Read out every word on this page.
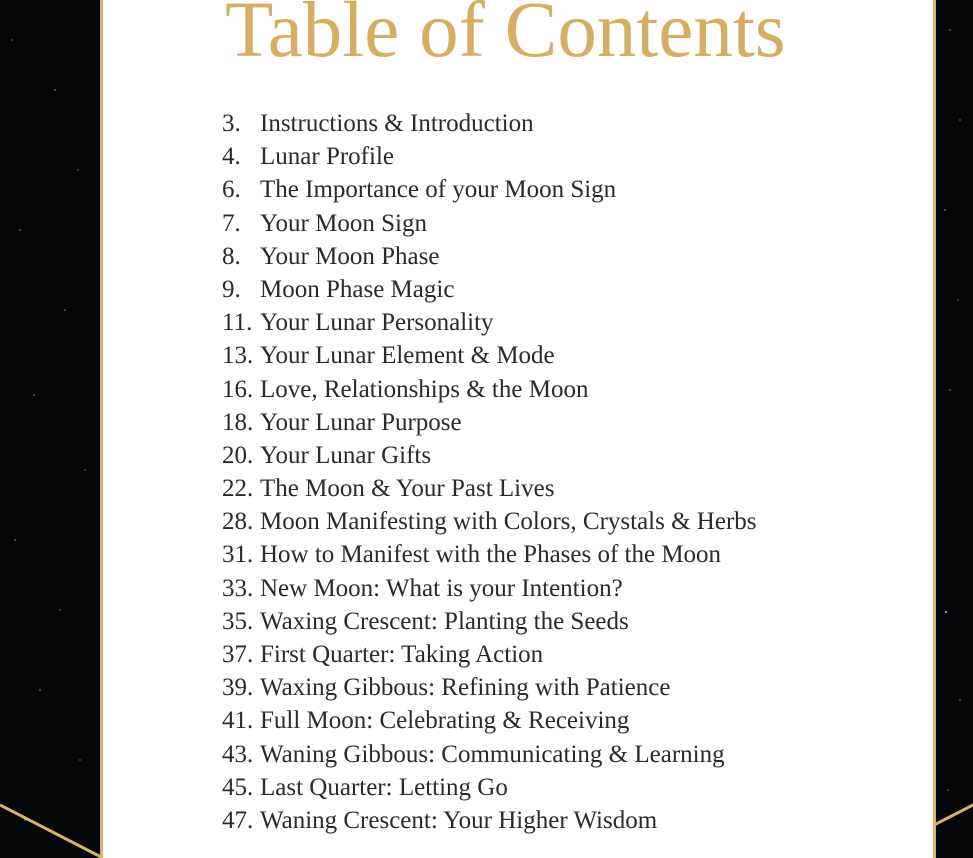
Table of Contents
3. Instructions & Introduction
4. Lunar Profile
6. The Importance of your Moon Sign
7. Your Moon Sign
8. Your Moon Phase
9. Moon Phase Magic
11. Your Lunar Personality
13. Your Lunar Element & Mode
16. Love, Relationships & the Moon
18. Your Lunar Purpose
20. Your Lunar Gifts
22. The Moon & Your Past Lives
28. Moon Manifesting with Colors, Crystals & Herbs
31. How to Manifest with the Phases of the Moon
33. New Moon: What is your Intention?
35. Waxing Crescent: Planting the Seeds
37. First Quarter: Taking Action
39. Waxing Gibbous: Refining with Patience
41. Full Moon: Celebrating & Receiving
43. Waning Gibbous: Communicating & Learning
45. Last Quarter: Letting Go
47. Waning Crescent: Your Higher Wisdom
